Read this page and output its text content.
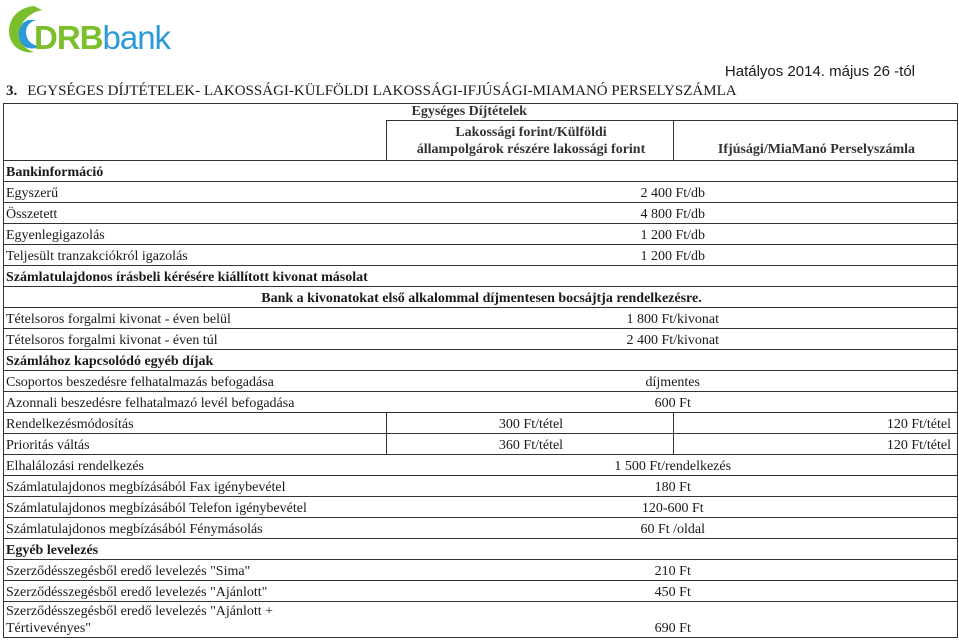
DRBbank
Hatályos 2014. május 26 -tól
3. EGYSÉGES DÍJTÉTELEK- LAKOSSÁGI-KÜLFÖLDI LAKOSSÁGI-IFJÚSÁGI-MIAMANÓ PERSELYSZÁMLA
	Egységes Díjtételek	

	Lakossági forint/Külföldi
állampolgárok részére lakossági forint	Ifjúsági/MiaManó Perselyszámla
Bankinformáció		
Egyszerű	2 400 Ft/db	
Összetett	4 800 Ft/db	
Egyenlegigazolás	1 200 Ft/db	
Teljesült tranzakciókról igazolás	1 200 Ft/db	
Számlatulajdonos írásbeli kérésére kiállított kivonat másolat		
Bank a kivonatokat első alkalommal díjmentesen bocsájtja rendelkezésre.		
Tételsoros forgalmi kivonat - éven belül	1 800 Ft/kivonat	
Tételsoros forgalmi kivonat - éven túl	2 400 Ft/kivonat	
Számlához kapcsolódó egyéb díjak		
Csoportos beszedésre felhatalmazás befogadása	díjmentes	
Azonnali beszedésre felhatalmazó levél befogadása	600 Ft	
Rendelkezésmódosítás	300 Ft/tétel	120 Ft/tétel
Prioritás váltás	360 Ft/tétel	120 Ft/tétel
Elhalálozási rendelkezés	1 500 Ft/rendelkezés	
Számlatulajdonos megbízásából Fax igénybevétel	180 Ft	
Számlatulajdonos megbízásából Telefon igénybevétel	120-600 Ft	
Számlatulajdonos megbízásából Fénymásolás	60 Ft /oldal	
Egyéb levelezés		
Szerződésszegésből eredő levelezés "Sima"	210 Ft	
Szerződésszegésből eredő levelezés "Ajánlott"	450 Ft	

Szerződésszegésből eredő levelezés "Ajánlott +
Tértivevényes"	690 Ft	
